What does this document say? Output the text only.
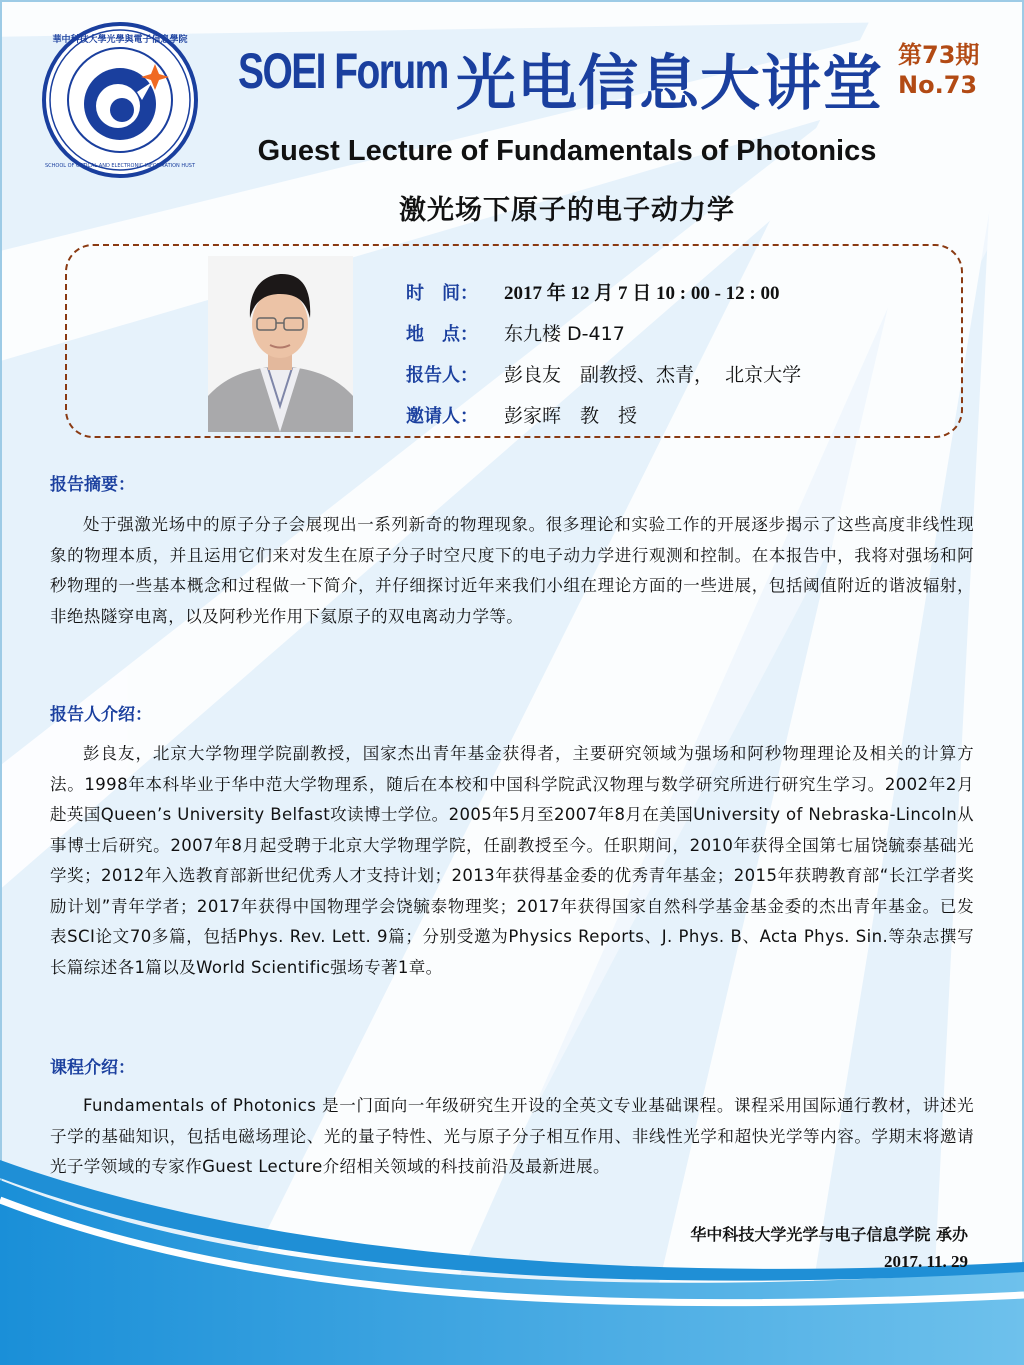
華中科技大學光學與電子信息學院
SCHOOL OF OPTICAL AND ELECTRONIC INFORMATION HUST
SOEI Forum 光电信息大讲堂 第73期
No.73
Guest Lecture of Fundamentals of Photonics
激光场下原子的电子动力学
时　间：	2017 年 12 月 7 日 10 : 00 - 12 : 00
地　点：	东九楼 D-417
报告人：	彭良友　副教授、杰青，  北京大学
邀请人：	彭家晖　教　授
报告摘要：
处于强激光场中的原子分子会展现出一系列新奇的物理现象。很多理论和实验工作的开展逐步揭示了这些高度非线性现象的物理本质，并且运用它们来对发生在原子分子时空尺度下的电子动力学进行观测和控制。在本报告中，我将对强场和阿秒物理的一些基本概念和过程做一下简介，并仔细探讨近年来我们小组在理论方面的一些进展，包括阈值附近的谐波辐射，非绝热隧穿电离，以及阿秒光作用下氦原子的双电离动力学等。
报告人介绍：
彭良友，北京大学物理学院副教授，国家杰出青年基金获得者，主要研究领域为强场和阿秒物理理论及相关的计算方法。1998年本科毕业于华中范大学物理系，随后在本校和中国科学院武汉物理与数学研究所进行研究生学习。2002年2月赴英国Queen’s University Belfast攻读博士学位。2005年5月至2007年8月在美国University of Nebraska-Lincoln从事博士后研究。2007年8月起受聘于北京大学物理学院，任副教授至今。任职期间，2010年获得全国第七届饶毓泰基础光学奖；2012年入选教育部新世纪优秀人才支持计划；2013年获得基金委的优秀青年基金；2015年获聘教育部“长江学者奖励计划”青年学者；2017年获得中国物理学会饶毓泰物理奖；2017年获得国家自然科学基金基金委的杰出青年基金。已发表SCI论文70多篇，包括Phys. Rev. Lett. 9篇；分别受邀为Physics Reports、J. Phys. B、Acta Phys. Sin.等杂志撰写长篇综述各1篇以及World Scientific强场专著1章。
课程介绍：
Fundamentals of Photonics 是一门面向一年级研究生开设的全英文专业基础课程。课程采用国际通行教材，讲述光子学的基础知识，包括电磁场理论、光的量子特性、光与原子分子相互作用、非线性光学和超快光学等内容。学期末将邀请光子学领域的专家作Guest Lecture介绍相关领域的科技前沿及最新进展。
华中科技大学光学与电子信息学院 承办
2017. 11. 29
